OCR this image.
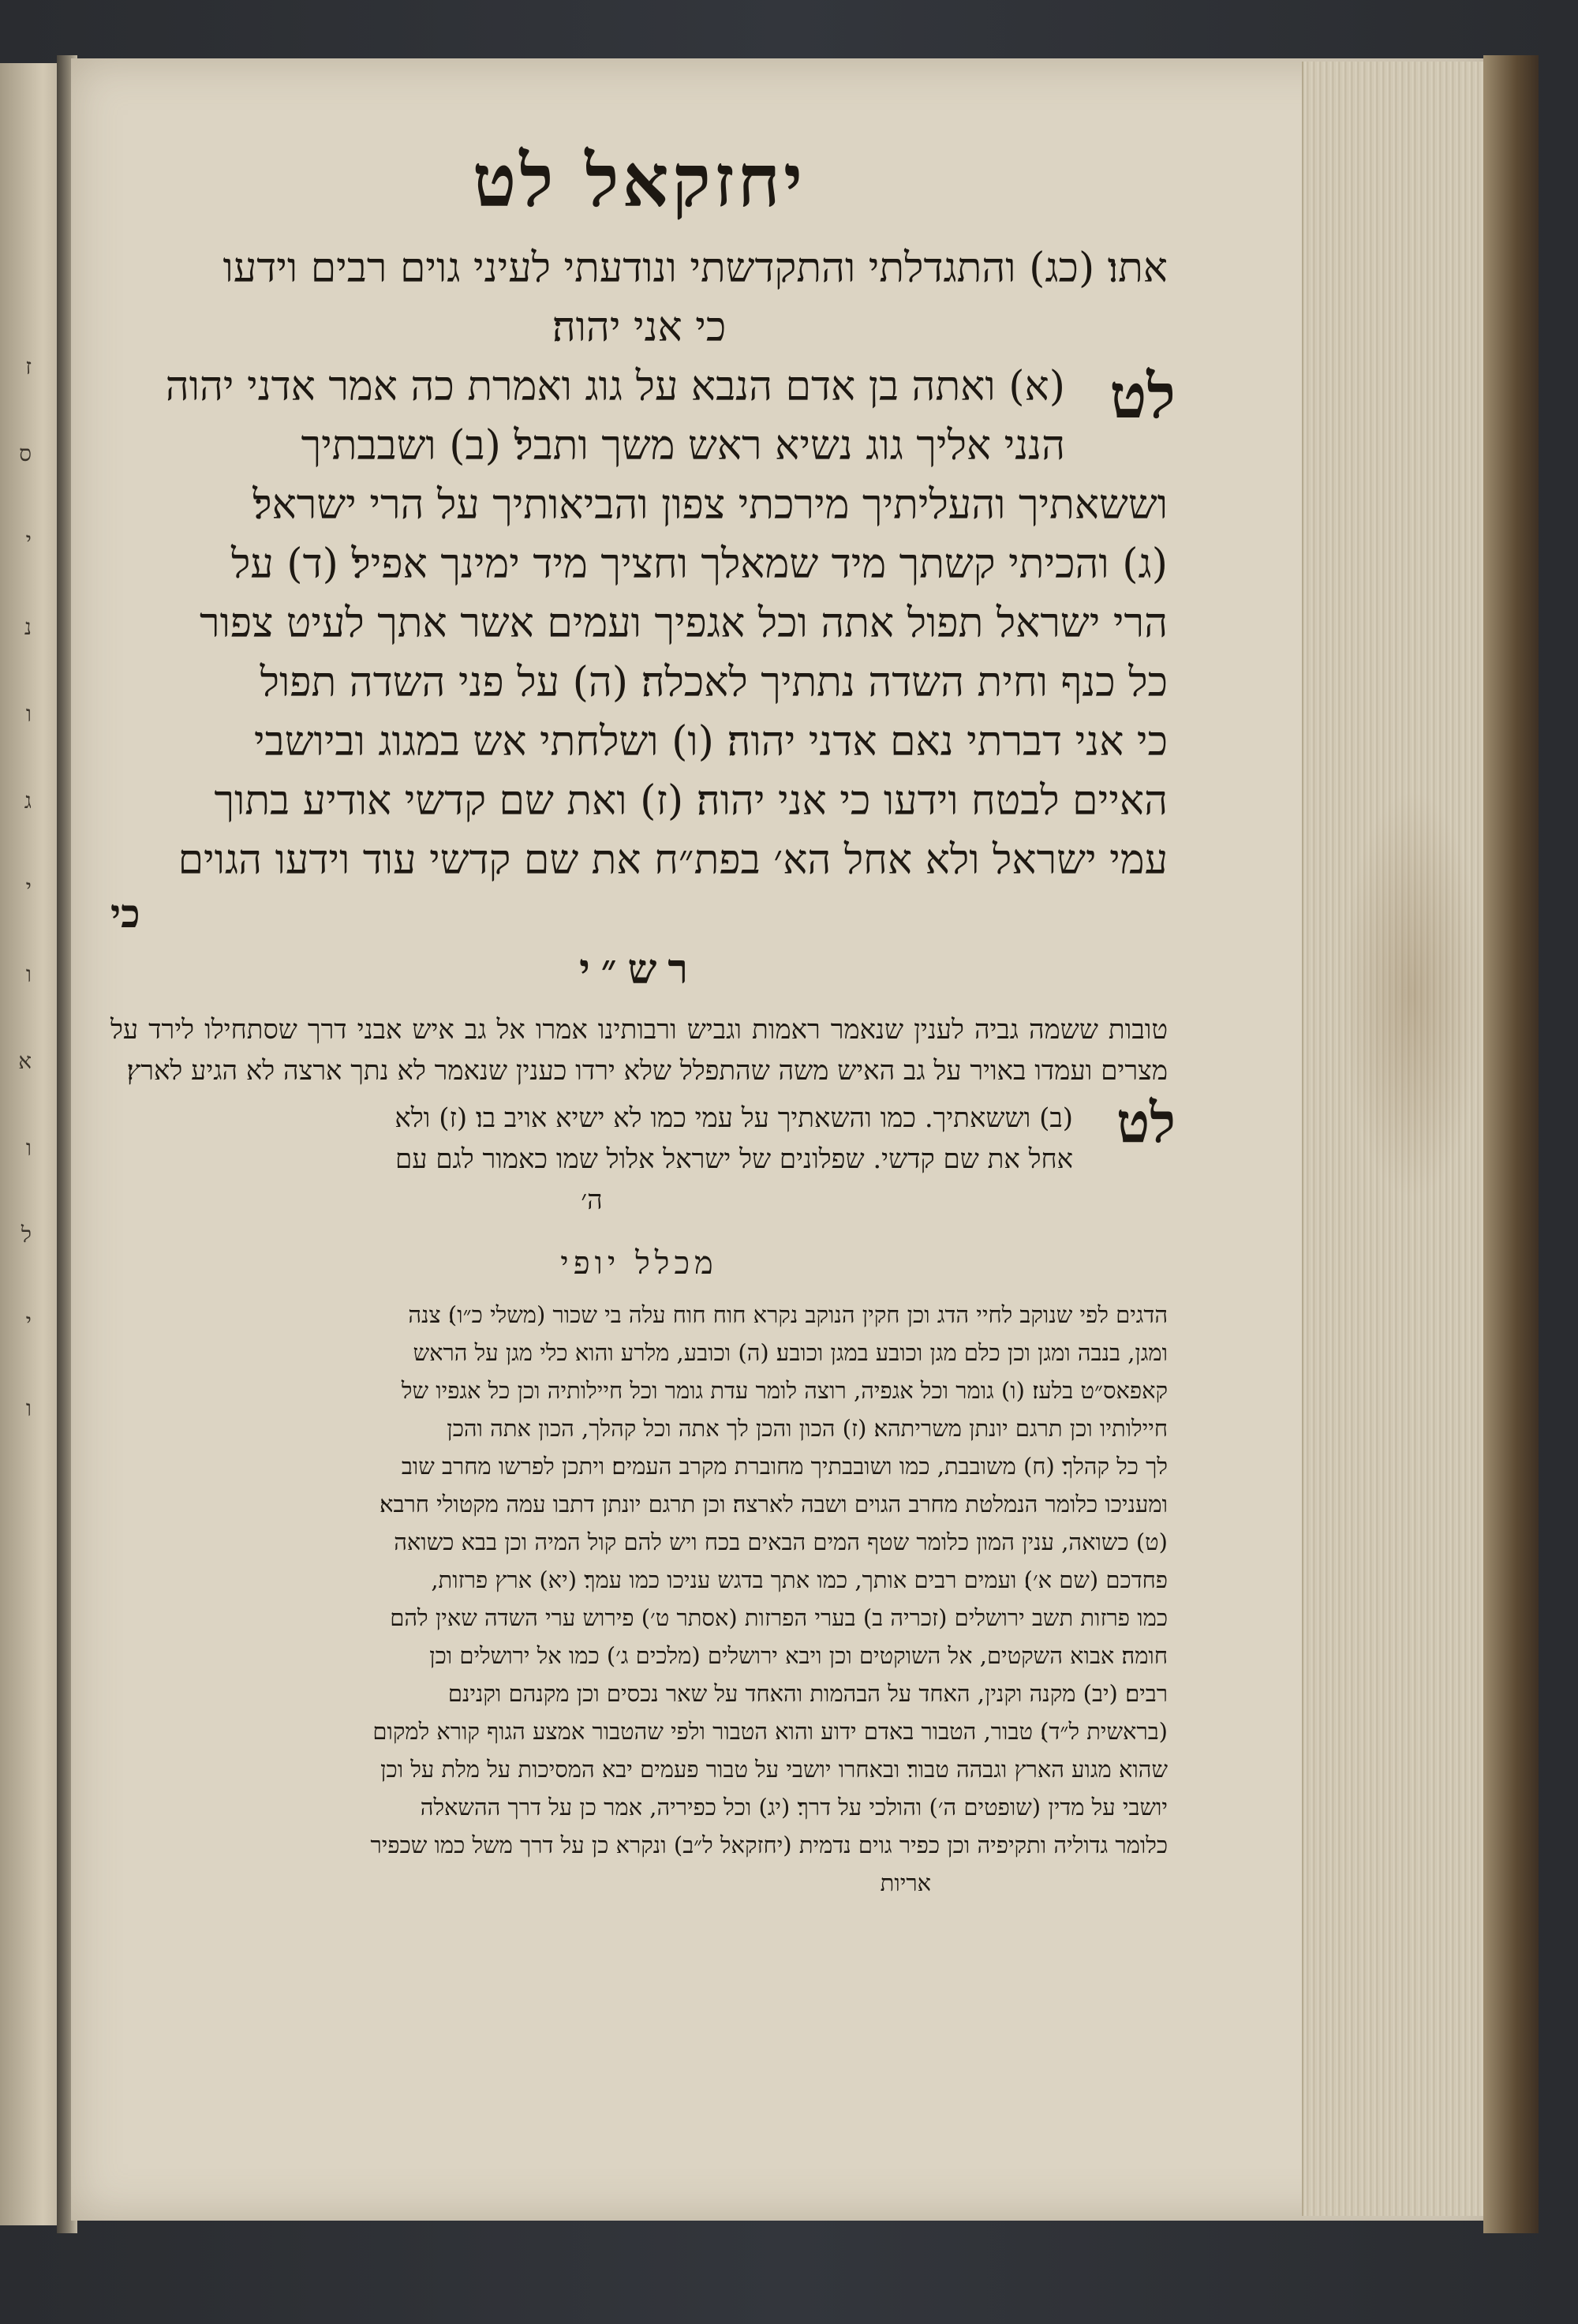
ז
ס
י
נ
ו
ג
י
ו
א
ו
ל
י
ו
יחזקאל לט

אתו׃ (כג) והתגדלתי והתקדשתי ונודעתי לעיני גוים רבים וידעו

כי אני יהוה׃

לט

(א) ואתה בן אדם הנבא על גוג ואמרת כה אמר אדני יהוה

הנני אליך גוג נשיא ראש משך ותבל׃ (ב) ושבבתיך

וששאתיך והעליתיך מירכתי צפון והביאותיך על הרי ישראל׃

(ג) והכיתי קשתך מיד שמאלך וחציך מיד ימינך אפיל׃ (ד) על

הרי ישראל תפול אתה וכל אגפיך ועמים אשר אתך לעיט צפור

כל כנף וחית השדה נתתיך לאכלה׃ (ה) על פני השדה תפול

כי אני דברתי נאם אדני יהוה׃ (ו) ושלחתי אש במגוג וביושבי

האיים לבטח וידעו כי אני יהוה׃ (ז) ואת שם קדשי אודיע בתוך

עמי ישראל ולא אחל הא׳ בפת״ח את שם קדשי עוד וידעו הגוים

כי

רש״י

טובות ששמה גביה לענין שנאמר ראמות וגביש ורבותינו אמרו אל גב איש אבני דרך שסתחילו לירד על מצרים ועמדו באויר על גב האיש משה שהתפלל שלא ירדו כענין שנאמר לא נתך ארצה לא הגיע לארץ׃

לט

(ב) וששאתיך. כמו והשאתיך על עמי כמו לא ישיא אויב בו׃ (ז) ולא

אחל את שם קדשי. שפלונים של ישראל אלול שמו כאמור לגם עם

ה׳

מכלל יופי

הדגים לפי שנוקב לחיי הדג וכן חקין הנוקב נקרא חוח חוח עלה בי שכור (משלי כ״ו)׃ צנה

ומגן, בנבה ומגן וכן כלם מגן וכובע במגן וכובע׃ (ה) וכובע, מלרע והוא כלי מגן על הראש

קאפאס״ט בלעז׃ (ו) גומר וכל אגפיה, רוצה לומר עדת גומר וכל חיילותיה וכן כל אגפיו של

חיילותיו וכן תרגם יונתן משריתהא׃ (ז) הכון והכן לך אתה וכל קהלך, הכון אתה והכן

לך כל קהלך׃ (ח) משובבת, כמו ושובבתיך מחוברת מקרב העמים׃ ויתכן לפרשו מחרב שוב

ומעניכו כלומר הנמלטת מחרב הגוים ושבה לארצה׃ וכן תרגם יונתן דתבו עמה מקטולי חרבא׃

(ט) כשואה, ענין המון כלומר שטף המים הבאים בכח ויש להם קול המיה וכן בבא כשואה

פחדכם (שם א׳)׃ ועמים רבים אותך, כמו אתך בדגש עניכו כמו עמך׃ (יא) ארץ פרזות,

כמו פרזות תשב ירושלים (זכריה ב) בערי הפרזות (אסתר ט׳) פירוש ערי השדה שאין להם

חומה׃ אבוא השקטים, אל השוקטים וכן ויבא ירושלים (מלכים ג׳) כמו אל ירושלים וכן

רבים׃ (יב) מקנה וקנין, האחד על הבהמות והאחד על שאר נכסים וכן מקנהם וקנינם

(בראשית ל״ד)׃ טבור, הטבור באדם ידוע והוא הטבור ולפי שהטבור אמצע הגוף קורא למקום

שהוא מגוע הארץ וגבהה טבור׃ ובאחרו יושבי על טבור פעמים יבא המסיכות על מלת על וכן

יושבי על מדין (שופטים ה׳) והולכי על דרך׃ (יג) וכל כפיריה, אמר כן על דרך ההשאלה

כלומר גדוליה ותקיפיה וכן כפיר גוים נדמית (יחזקאל ל״ב) ונקרא כן על דרך משל כמו שכפיר

אריות
